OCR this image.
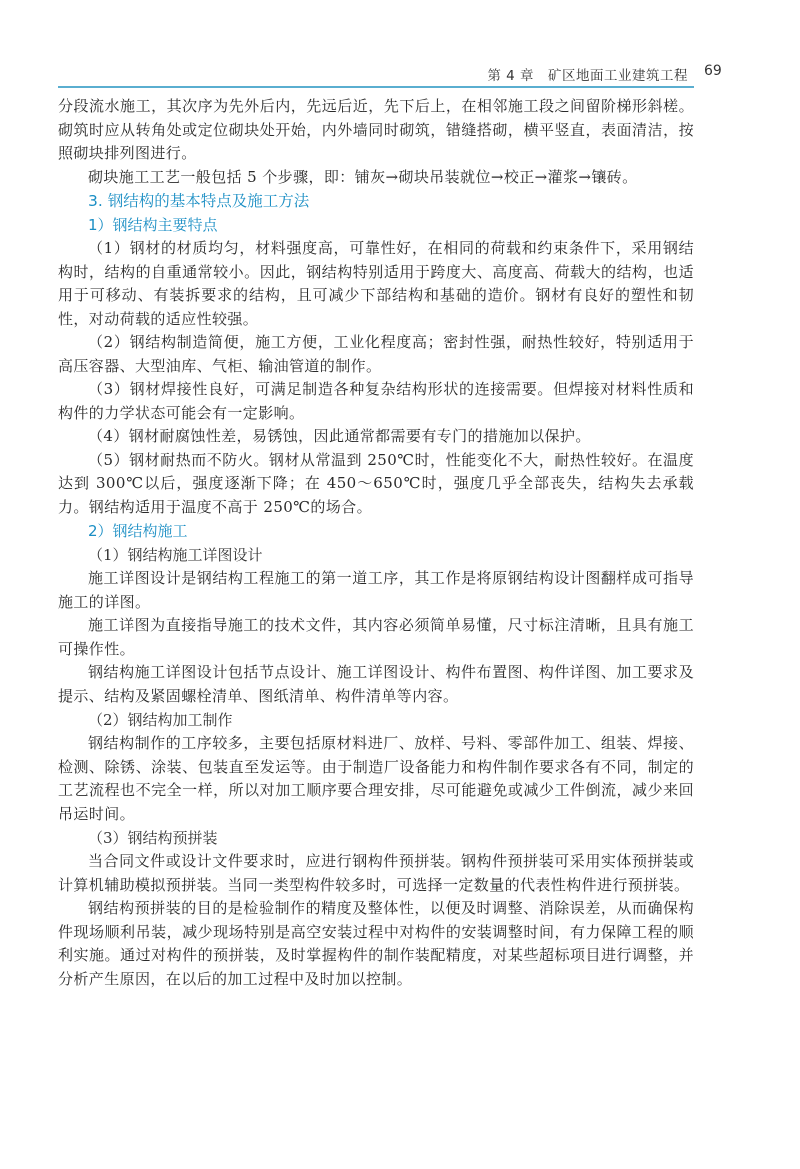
第 4 章　矿区地面工业建筑工程 69

分段流水施工，其次序为先外后内，先远后近，先下后上，在相邻施工段之间留阶梯形斜槎。砌筑时应从转角处或定位砌块处开始，内外墙同时砌筑，错缝搭砌，横平竖直，表面清洁，按照砌块排列图进行。

砌块施工工艺一般包括 5 个步骤，即：铺灰→砌块吊装就位→校正→灌浆→镶砖。

3. 钢结构的基本特点及施工方法

1）钢结构主要特点

（1）钢材的材质均匀，材料强度高，可靠性好，在相同的荷载和约束条件下，采用钢结构时，结构的自重通常较小。因此，钢结构特别适用于跨度大、高度高、荷载大的结构，也适用于可移动、有装拆要求的结构，且可减少下部结构和基础的造价。钢材有良好的塑性和韧性，对动荷载的适应性较强。

（2）钢结构制造简便，施工方便，工业化程度高；密封性强，耐热性较好，特别适用于高压容器、大型油库、气柜、输油管道的制作。

（3）钢材焊接性良好，可满足制造各种复杂结构形状的连接需要。但焊接对材料性质和构件的力学状态可能会有一定影响。

（4）钢材耐腐蚀性差，易锈蚀，因此通常都需要有专门的措施加以保护。

（5）钢材耐热而不防火。钢材从常温到 250℃时，性能变化不大，耐热性较好。在温度达到 300℃以后，强度逐渐下降；在 450～650℃时，强度几乎全部丧失，结构失去承载力。钢结构适用于温度不高于 250℃的场合。

2）钢结构施工

（1）钢结构施工详图设计

施工详图设计是钢结构工程施工的第一道工序，其工作是将原钢结构设计图翻样成可指导施工的详图。

施工详图为直接指导施工的技术文件，其内容必须简单易懂，尺寸标注清晰，且具有施工可操作性。

钢结构施工详图设计包括节点设计、施工详图设计、构件布置图、构件详图、加工要求及提示、结构及紧固螺栓清单、图纸清单、构件清单等内容。

（2）钢结构加工制作

钢结构制作的工序较多，主要包括原材料进厂、放样、号料、零部件加工、组装、焊接、检测、除锈、涂装、包装直至发运等。由于制造厂设备能力和构件制作要求各有不同，制定的工艺流程也不完全一样，所以对加工顺序要合理安排，尽可能避免或减少工件倒流，减少来回吊运时间。

（3）钢结构预拼装

当合同文件或设计文件要求时，应进行钢构件预拼装。钢构件预拼装可采用实体预拼装或计算机辅助模拟预拼装。当同一类型构件较多时，可选择一定数量的代表性构件进行预拼装。

钢结构预拼装的目的是检验制作的精度及整体性，以便及时调整、消除误差，从而确保构件现场顺利吊装，减少现场特别是高空安装过程中对构件的安装调整时间，有力保障工程的顺利实施。通过对构件的预拼装，及时掌握构件的制作装配精度，对某些超标项目进行调整，并分析产生原因，在以后的加工过程中及时加以控制。
